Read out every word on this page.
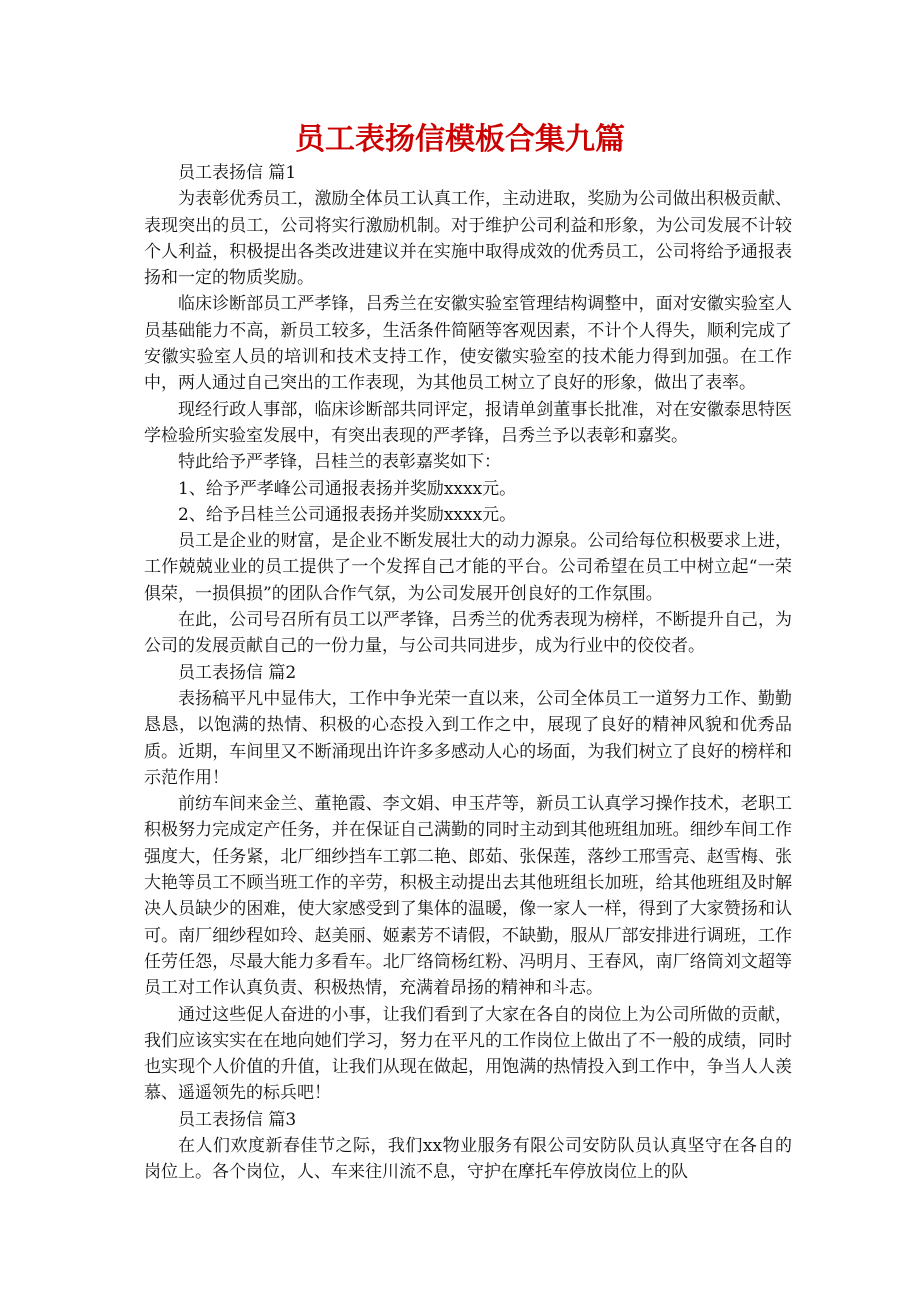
员工表扬信模板合集九篇

员工表扬信 篇1

为表彰优秀员工，激励全体员工认真工作，主动进取，奖励为公司做出积极贡献、表现突出的员工，公司将实行激励机制。对于维护公司利益和形象，为公司发展不计较个人利益，积极提出各类改进建议并在实施中取得成效的优秀员工，公司将给予通报表扬和一定的物质奖励。

临床诊断部员工严孝锋，吕秀兰在安徽实验室管理结构调整中，面对安徽实验室人员基础能力不高，新员工较多，生活条件简陋等客观因素，不计个人得失，顺利完成了安徽实验室人员的培训和技术支持工作，使安徽实验室的技术能力得到加强。在工作中，两人通过自己突出的工作表现，为其他员工树立了良好的形象，做出了表率。

现经行政人事部，临床诊断部共同评定，报请单剑董事长批准，对在安徽泰思特医学检验所实验室发展中，有突出表现的严孝锋，吕秀兰予以表彰和嘉奖。

特此给予严孝锋，吕桂兰的表彰嘉奖如下：

1、给予严孝峰公司通报表扬并奖励xxxx元。

2、给予吕桂兰公司通报表扬并奖励xxxx元。

员工是企业的财富，是企业不断发展壮大的动力源泉。公司给每位积极要求上进，工作兢兢业业的员工提供了一个发挥自己才能的平台。公司希望在员工中树立起“一荣俱荣，一损俱损”的团队合作气氛，为公司发展开创良好的工作氛围。

在此，公司号召所有员工以严孝锋，吕秀兰的优秀表现为榜样，不断提升自己，为公司的发展贡献自己的一份力量，与公司共同进步，成为行业中的佼佼者。

员工表扬信 篇2

表扬稿平凡中显伟大，工作中争光荣一直以来，公司全体员工一道努力工作、勤勤恳恳，以饱满的热情、积极的心态投入到工作之中，展现了良好的精神风貌和优秀品质。近期，车间里又不断涌现出许许多多感动人心的场面，为我们树立了良好的榜样和示范作用！

前纺车间来金兰、董艳霞、李文娟、申玉芹等，新员工认真学习操作技术，老职工积极努力完成定产任务，并在保证自己满勤的同时主动到其他班组加班。细纱车间工作强度大，任务紧，北厂细纱挡车工郭二艳、郎茹、张保莲，落纱工邢雪亮、赵雪梅、张大艳等员工不顾当班工作的辛劳，积极主动提出去其他班组长加班，给其他班组及时解决人员缺少的困难，使大家感受到了集体的温暖，像一家人一样，得到了大家赞扬和认可。南厂细纱程如玲、赵美丽、姬素芳不请假，不缺勤，服从厂部安排进行调班，工作任劳任怨，尽最大能力多看车。北厂络筒杨红粉、冯明月、王春风，南厂络筒刘文超等员工对工作认真负责、积极热情，充满着昂扬的精神和斗志。

通过这些促人奋进的小事，让我们看到了大家在各自的岗位上为公司所做的贡献，我们应该实实在在地向她们学习，努力在平凡的工作岗位上做出了不一般的成绩，同时也实现个人价值的升值，让我们从现在做起，用饱满的热情投入到工作中，争当人人羡慕、遥遥领先的标兵吧！

员工表扬信 篇3

在人们欢度新春佳节之际，我们xx物业服务有限公司安防队员认真坚守在各自的岗位上。各个岗位，人、车来往川流不息，守护在摩托车停放岗位上的队
